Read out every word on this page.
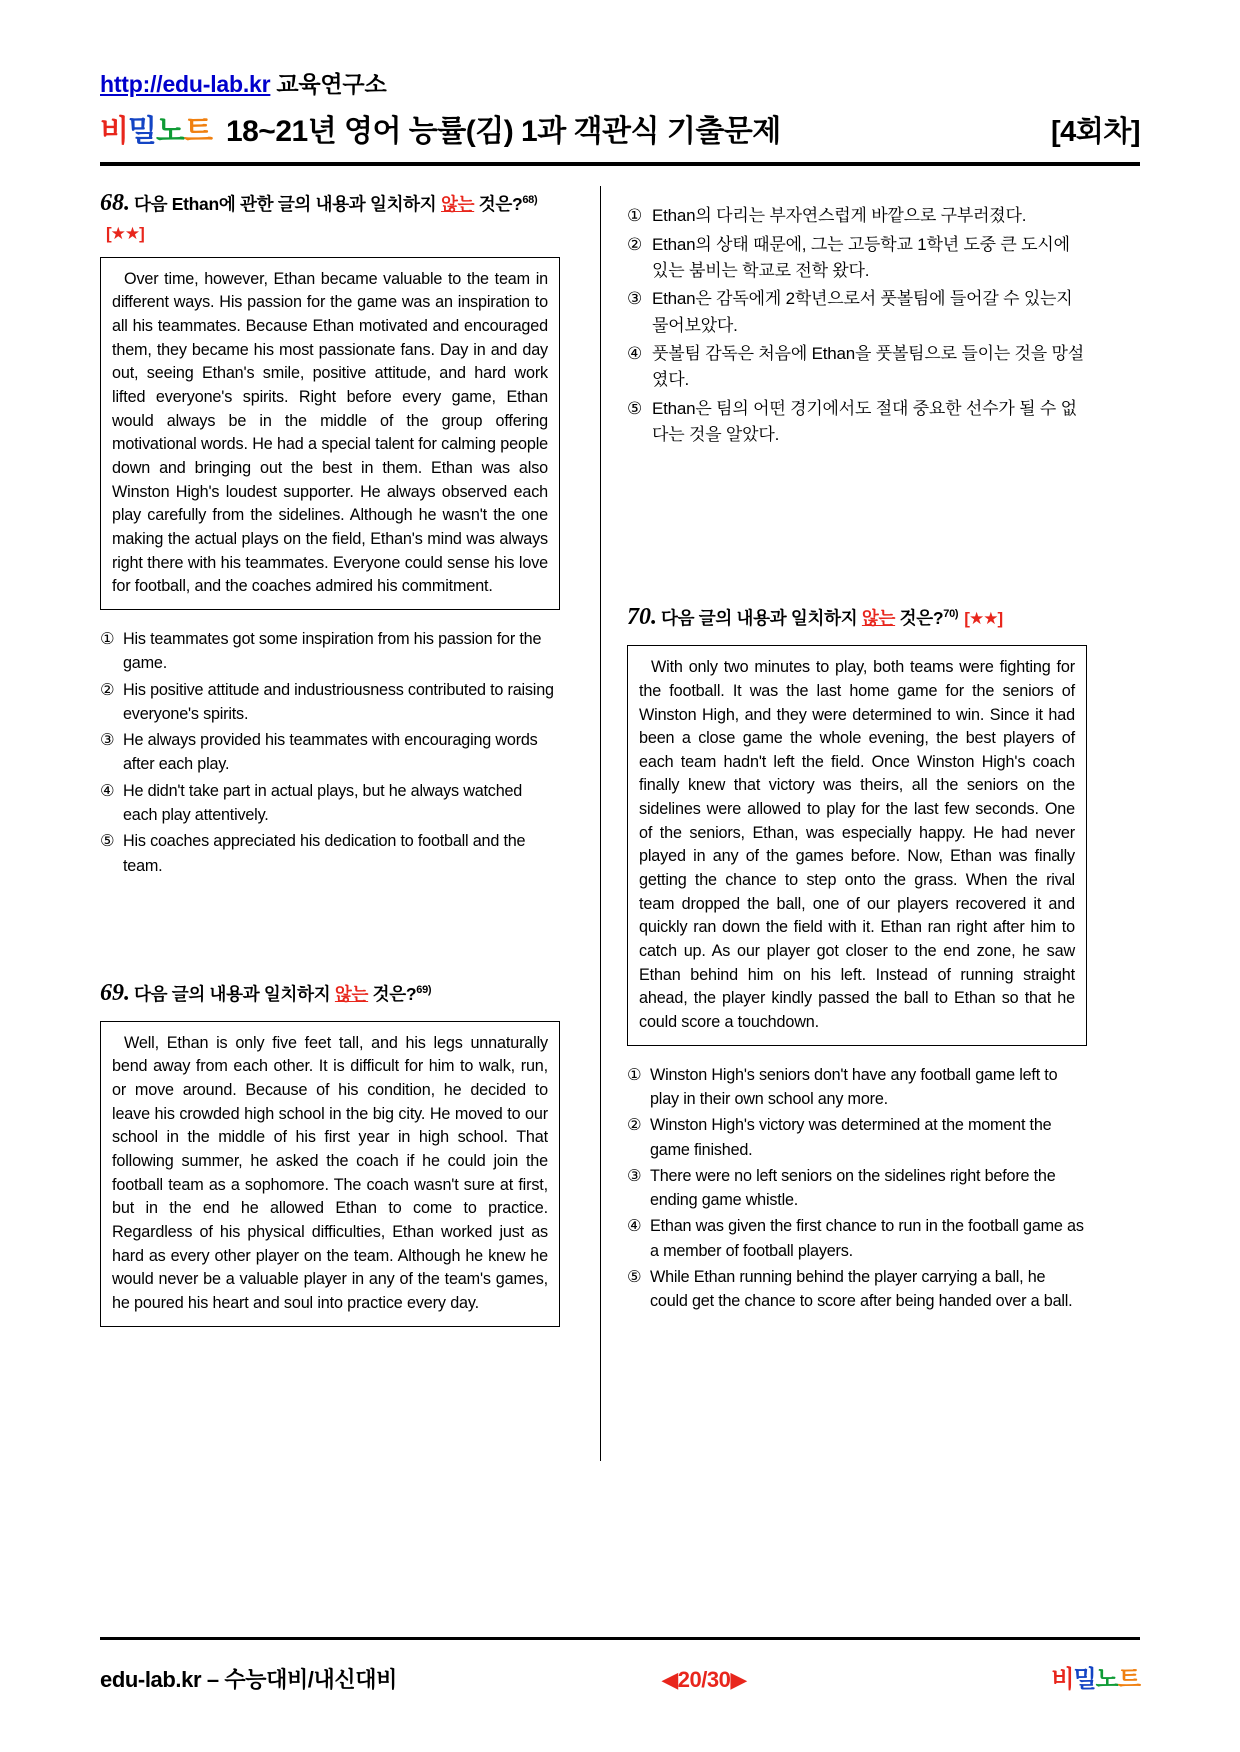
http://edu-lab.kr 교육연구소
비밀노트 18~21년 영어 능률(김) 1과 객관식 기출문제	[4회차]
68. 다음 Ethan에 관한 글의 내용과 일치하지 않는 것은?$^{68)}$[★★]

Over time, however, Ethan became valuable to the team in different ways. His passion for the game was an inspiration to all his teammates. Because Ethan motivated and encouraged them, they became his most passionate fans. Day in and day out, seeing Ethan's smile, positive attitude, and hard work lifted everyone's spirits. Right before every game, Ethan would always be in the middle of the group offering motivational words. He had a special talent for calming people down and bringing out the best in them. Ethan was also Winston High's loudest supporter. He always observed each play carefully from the sidelines. Although he wasn't the one making the actual plays on the field, Ethan's mind was always right there with his teammates. Everyone could sense his love for football, and the coaches admired his commitment.

① His teammates got some inspiration from his passion for the game.
② His positive attitude and industriousness contributed to raising everyone's spirits.
③ He always provided his teammates with encouraging words after each play.
④ He didn't take part in actual plays, but he always watched each play attentively.
⑤ His coaches appreciated his dedication to football and the team.
69. 다음 글의 내용과 일치하지 않는 것은?$^{69)}$

Well, Ethan is only five feet tall, and his legs unnaturally bend away from each other. It is difficult for him to walk, run, or move around. Because of his condition, he decided to leave his crowded high school in the big city. He moved to our school in the middle of his first year in high school. That following summer, he asked the coach if he could join the football team as a sophomore. The coach wasn't sure at first, but in the end he allowed Ethan to come to practice. Regardless of his physical difficulties, Ethan worked just as hard as every other player on the team. Although he knew he would never be a valuable player in any of the team's games, he poured his heart and soul into practice every day.

① Ethan의 다리는 부자연스럽게 바깥으로 구부러졌다.
② Ethan의 상태 때문에, 그는 고등학교 1학년 도중 큰 도시에 있는 붐비는 학교로 전학 왔다.
③ Ethan은 감독에게 2학년으로서 풋볼팀에 들어갈 수 있는지 물어보았다.
④ 풋볼팀 감독은 처음에 Ethan을 풋볼팀으로 들이는 것을 망설였다.
⑤ Ethan은 팀의 어떤 경기에서도 절대 중요한 선수가 될 수 없다는 것을 알았다.
70. 다음 글의 내용과 일치하지 않는 것은?$^{70)}$ [★★]

With only two minutes to play, both teams were fighting for the football. It was the last home game for the seniors of Winston High, and they were determined to win. Since it had been a close game the whole evening, the best players of each team hadn't left the field. Once Winston High's coach finally knew that victory was theirs, all the seniors on the sidelines were allowed to play for the last few seconds. One of the seniors, Ethan, was especially happy. He had never played in any of the games before. Now, Ethan was finally getting the chance to step onto the grass. When the rival team dropped the ball, one of our players recovered it and quickly ran down the field with it. Ethan ran right after him to catch up. As our player got closer to the end zone, he saw Ethan behind him on his left. Instead of running straight ahead, the player kindly passed the ball to Ethan so that he could score a touchdown.

① Winston High's seniors don't have any football game left to play in their own school any more.
② Winston High's victory was determined at the moment the game finished.
③ There were no left seniors on the sidelines right before the ending game whistle.
④ Ethan was given the first chance to run in the football game as a member of football players.
⑤ While Ethan running behind the player carrying a ball, he could get the chance to score after being handed over a ball.
edu-lab.kr – 수능대비/내신대비	◀20/30▶	비밀노트
